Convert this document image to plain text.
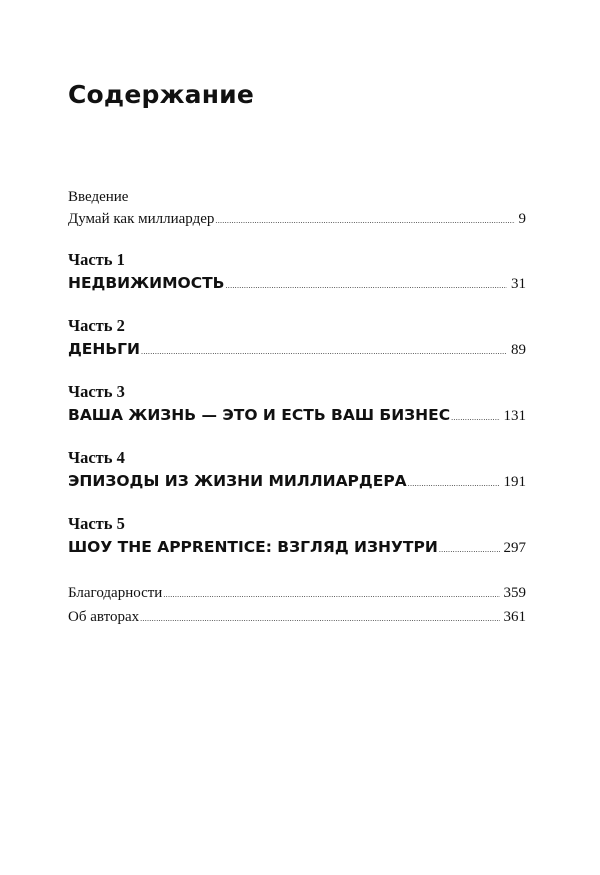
Содержание
Введение
Думай как миллиардер .....	9
Часть 1
НЕДВИЖИМОСТЬ .....	31
Часть 2
ДЕНЬГИ .....	89
Часть 3
ВАША ЖИЗНЬ — ЭТО И ЕСТЬ ВАШ БИЗНЕС .....	131
Часть 4
ЭПИЗОДЫ ИЗ ЖИЗНИ МИЛЛИАРДЕРА .....	191
Часть 5
ШОУ THE APPRENTICE: ВЗГЛЯД ИЗНУТРИ .....	297
Благодарности .....	359
Об авторах .....	361
